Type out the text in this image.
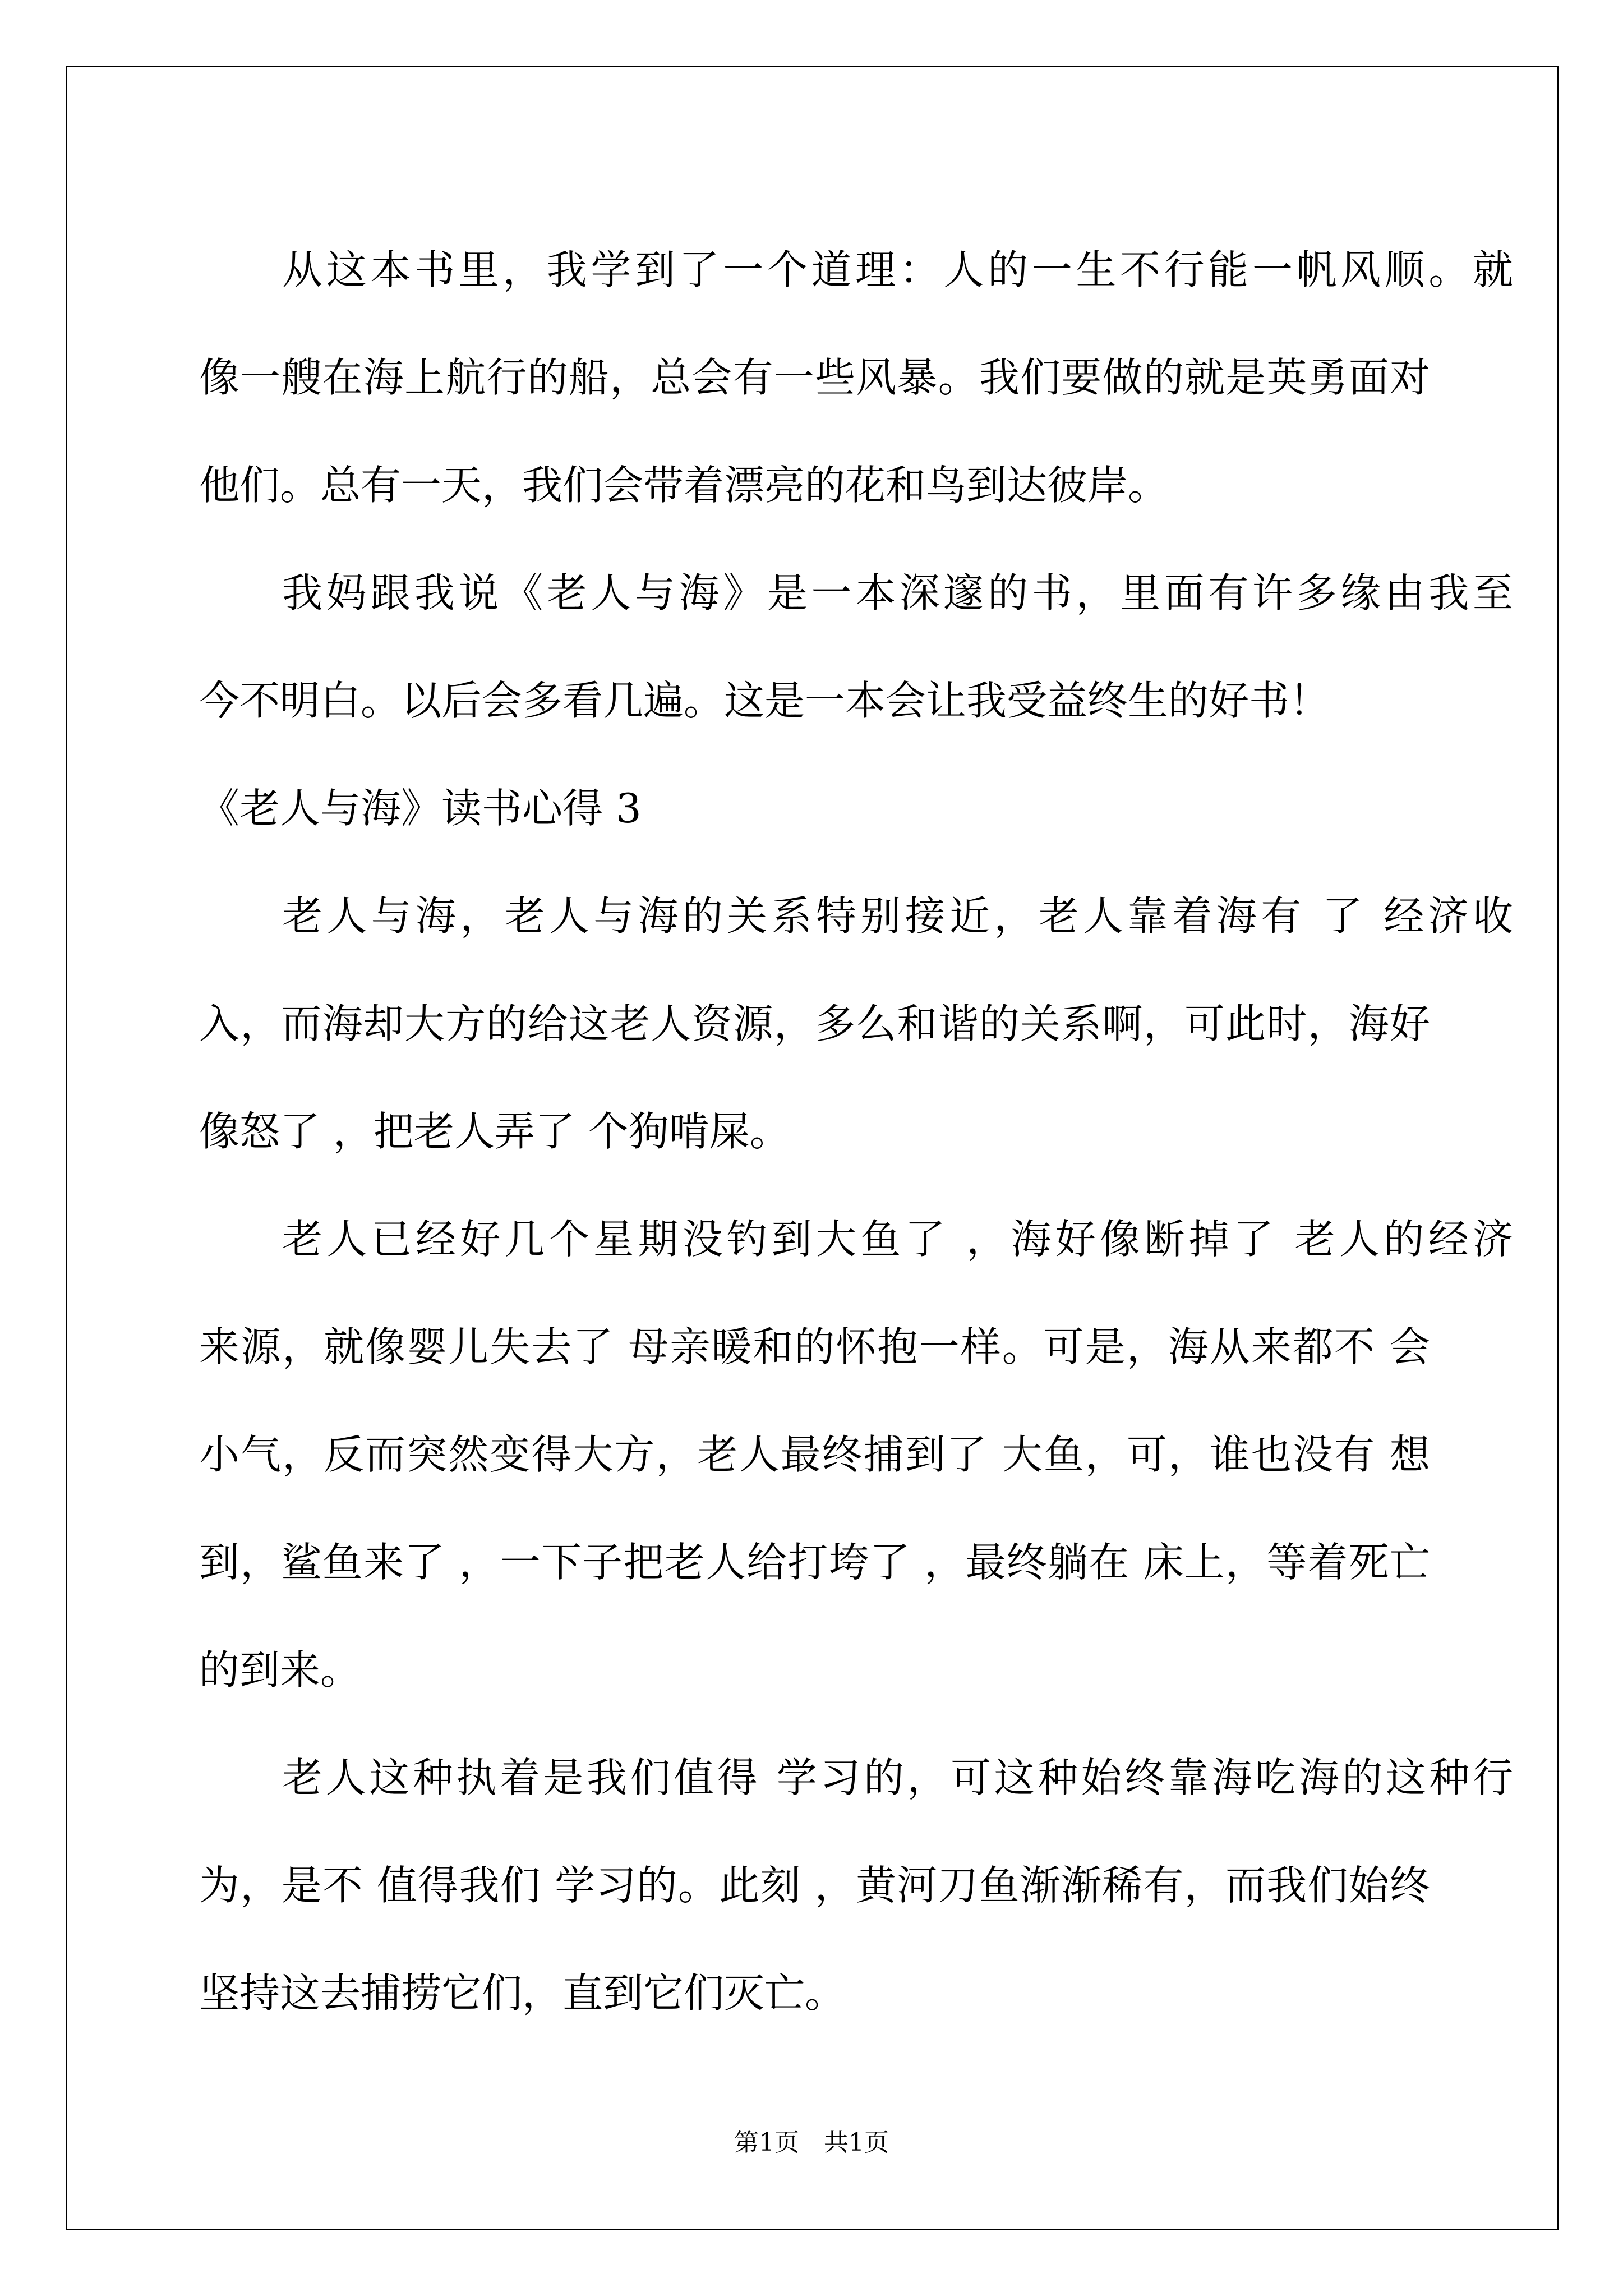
从这本书里，我学到了一个道理：人的一生不行能一帆风顺。就
像一艘在海上航行的船，总会有一些风暴。我们要做的就是英勇面对
他们。总有一天，我们会带着漂亮的花和鸟到达彼岸。
我妈跟我说《老人与海》是一本深邃的书，里面有许多缘由我至
今不明白。以后会多看几遍。这是一本会让我受益终生的好书！
《老人与海》读书心得 3
老人与海，老人与海的关系特别接近，老人靠着海有 了 经济收
入，而海却大方的给这老人资源，多么和谐的关系啊，可此时，海好
像怒了 ，把老人弄了 个狗啃屎。
老人已经好几个星期没钓到大鱼了 ，海好像断掉了 老人的经济
来源，就像婴儿失去了 母亲暖和的怀抱一样。可是，海从来都不 会
小气，反而突然变得大方，老人最终捕到了 大鱼，可，谁也没有 想
到，鲨鱼来了 ，一下子把老人给打垮了 ，最终躺在 床上，等着死亡
的到来。
老人这种执着是我们值得 学习的，可这种始终靠海吃海的这种行
为，是不 值得我们 学习的。此刻 ，黄河刀鱼渐渐稀有，而我们始终
坚持这去捕捞它们，直到它们灭亡。
第1页　共1页
